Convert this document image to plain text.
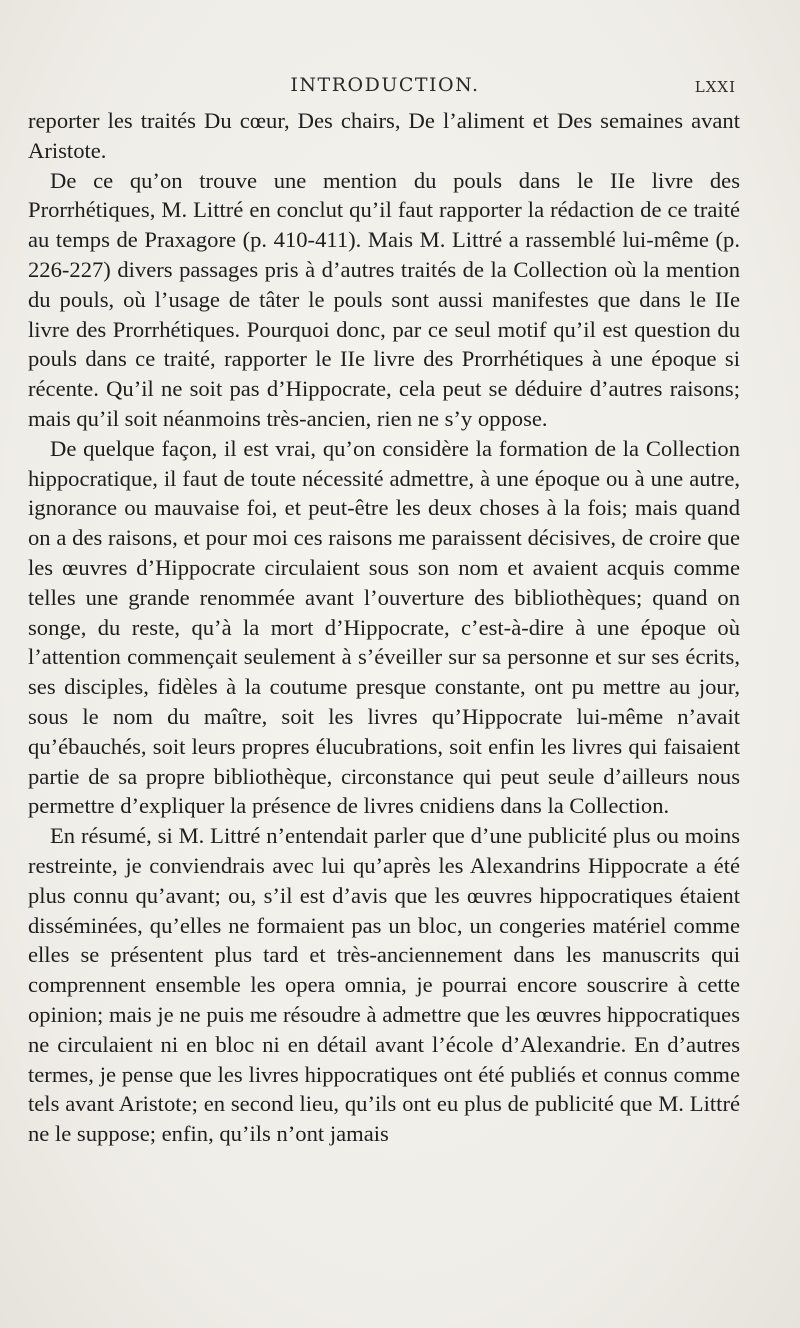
INTRODUCTION.	LXXI

reporter les traités Du cœur, Des chairs, De l’aliment et Des semaines avant Aristote.

De ce qu’on trouve une mention du pouls dans le IIe livre des Prorrhétiques, M. Littré en conclut qu’il faut rapporter la rédaction de ce traité au temps de Praxagore (p. 410-411). Mais M. Littré a rassemblé lui-même (p. 226-227) divers passages pris à d’autres traités de la Collection où la mention du pouls, où l’usage de tâter le pouls sont aussi manifestes que dans le IIe livre des Prorrhétiques. Pourquoi donc, par ce seul motif qu’il est question du pouls dans ce traité, rapporter le IIe livre des Prorrhétiques à une époque si récente. Qu’il ne soit pas d’Hippocrate, cela peut se déduire d’autres raisons; mais qu’il soit néanmoins très-ancien, rien ne s’y oppose.

De quelque façon, il est vrai, qu’on considère la formation de la Collection hippocratique, il faut de toute nécessité admettre, à une époque ou à une autre, ignorance ou mauvaise foi, et peut-être les deux choses à la fois; mais quand on a des raisons, et pour moi ces raisons me paraissent décisives, de croire que les œuvres d’Hippocrate circulaient sous son nom et avaient acquis comme telles une grande renommée avant l’ouverture des bibliothèques; quand on songe, du reste, qu’à la mort d’Hippocrate, c’est-à-dire à une époque où l’attention commençait seulement à s’éveiller sur sa personne et sur ses écrits, ses disciples, fidèles à la coutume presque constante, ont pu mettre au jour, sous le nom du maître, soit les livres qu’Hippocrate lui-même n’avait qu’ébauchés, soit leurs propres élucubrations, soit enfin les livres qui faisaient partie de sa propre bibliothèque, circonstance qui peut seule d’ailleurs nous permettre d’expliquer la présence de livres cnidiens dans la Collection.

En résumé, si M. Littré n’entendait parler que d’une publicité plus ou moins restreinte, je conviendrais avec lui qu’après les Alexandrins Hippocrate a été plus connu qu’avant; ou, s’il est d’avis que les œuvres hippocratiques étaient disséminées, qu’elles ne formaient pas un bloc, un congeries matériel comme elles se présentent plus tard et très-anciennement dans les manuscrits qui comprennent ensemble les opera omnia, je pourrai encore souscrire à cette opinion; mais je ne puis me résoudre à admettre que les œuvres hippocratiques ne circulaient ni en bloc ni en détail avant l’école d’Alexandrie. En d’autres termes, je pense que les livres hippocratiques ont été publiés et connus comme tels avant Aristote; en second lieu, qu’ils ont eu plus de publicité que M. Littré ne le suppose; enfin, qu’ils n’ont jamais
